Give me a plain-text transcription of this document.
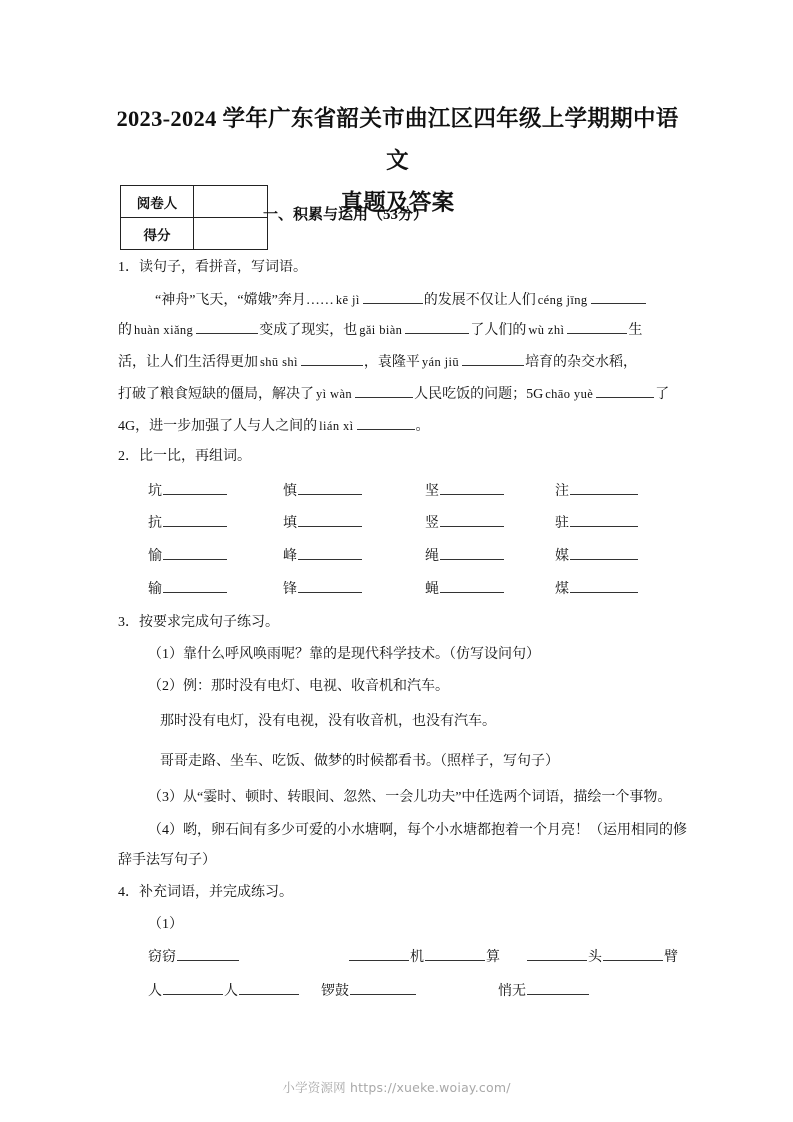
2023-2024 学年广东省韶关市曲江区四年级上学期期中语文
真题及答案
阅卷人	
得分	
一、积累与运用（53分）
1．读句子，看拼音，写词语。
“神舟”飞天，“嫦娥”奔月…… kē jì	的发展不仅让人们 céng jīng
的 huàn xiǎng	变成了现实，也 gǎi biàn	了人们的 wù zhì	生
活，让人们生活得更加 shū shì	，袁隆平 yán jiū	培育的杂交水稻，
打破了粮食短缺的僵局，解决了 yì wàn	人民吃饭的问题；5G chāo yuè	了
4G，进一步加强了人与人之间的 lián xì	。
2．比一比，再组词。
坑	慎	坚	注
抗	填	竖	驻
愉	峰	绳	媒
输	锋	蝇	煤
3．按要求完成句子练习。
（1）靠什么呼风唤雨呢？靠的是现代科学技术。（仿写设问句）
（2）例：那时没有电灯、电视、收音机和汽车。
那时没有电灯，没有电视，没有收音机，也没有汽车。
哥哥走路、坐车、吃饭、做梦的时候都看书。（照样子，写句子）
（3）从“霎时、顿时、转眼间、忽然、一会儿功夫”中任选两个词语，描绘一个事物。
（4）哟，卵石间有多少可爱的小水塘啊，每个小水塘都抱着一个月亮！（运用相同的修
辞手法写句子）
4．补充词语，并完成练习。
（1）
窃窃	机	算	头	臂
人	人	锣鼓	悄无
小学资源网 https://xueke.woiay.com/
